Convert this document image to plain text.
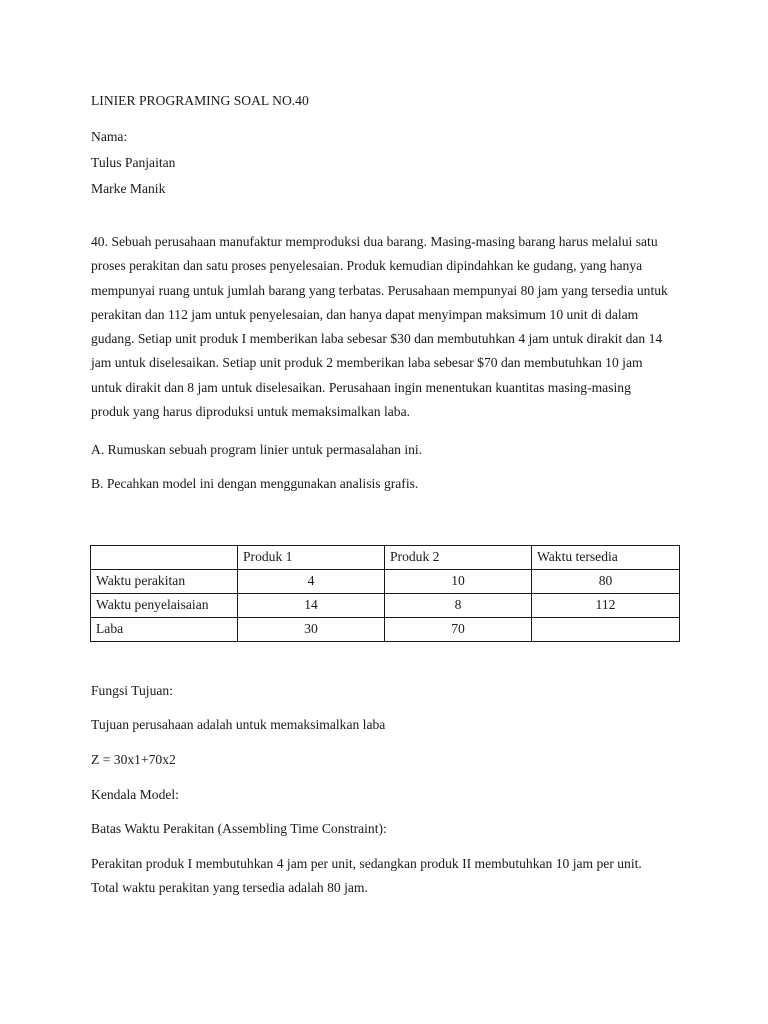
LINIER PROGRAMING SOAL NO.40
Nama:
Tulus Panjaitan
Marke Manik
40. Sebuah perusahaan manufaktur memproduksi dua barang. Masing-masing barang harus melalui satu
proses perakitan dan satu proses penyelesaian. Produk kemudian dipindahkan ke gudang, yang hanya
mempunyai ruang untuk jumlah barang yang terbatas. Perusahaan mempunyai 80 jam yang tersedia untuk
perakitan dan 112 jam untuk penyelesaian, dan hanya dapat menyimpan maksimum 10 unit di dalam
gudang. Setiap unit produk I memberikan laba sebesar $30 dan membutuhkan 4 jam untuk dirakit dan 14
jam untuk diselesaikan. Setiap unit produk 2 memberikan laba sebesar $70 dan membutuhkan 10 jam
untuk dirakit dan 8 jam untuk diselesaikan. Perusahaan ingin menentukan kuantitas masing-masing
produk yang harus diproduksi untuk memaksimalkan laba.
A. Rumuskan sebuah program linier untuk permasalahan ini.
B. Pecahkan model ini dengan menggunakan analisis grafis.
	Produk 1	Produk 2	Waktu tersedia
Waktu perakitan	4	10	80
Waktu penyelaisaian	14	8	112
Laba	30	70	
Fungsi Tujuan:
Tujuan perusahaan adalah untuk memaksimalkan laba
Z = 30x1+70x2
Kendala Model:
Batas Waktu Perakitan (Assembling Time Constraint):
Perakitan produk I membutuhkan 4 jam per unit, sedangkan produk II membutuhkan 10 jam per unit.
Total waktu perakitan yang tersedia adalah 80 jam.
